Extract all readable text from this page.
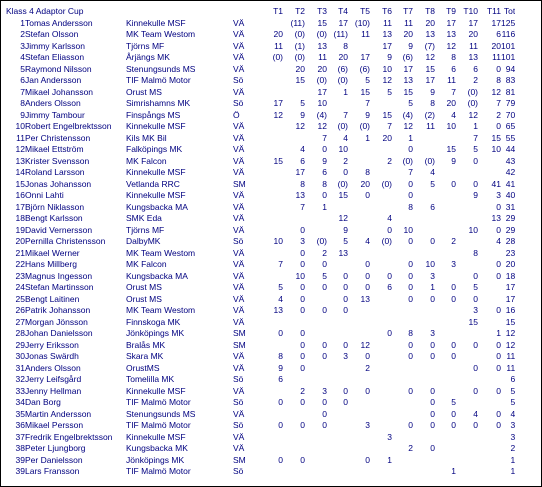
Klass 4 Adaptor Cup				T1	T2	T3	T4	T5	T6	T7	T8	T9	T10	T11	Tot
1	Tomas Andersson	Kinnekulle MSF	VÄ		(11)	15	17	(10)	11	11	20	17	17	17	125
2	Stefan Olsson	MK Team Westom	VÄ	20	(0)	(0)	(11)	11	13	20	13	13	20	6	116
3	Jimmy Karlsson	Tjörns MF	VÄ	11	(1)	13	8		17	9	(7)	12	11	20	101
4	Stefan Eliasson	Årjängs MK	VÄ	(0)	(0)	11	20	17	9	(6)	12	8	13	11	101
5	Raymond Nilsson	Stenungsunds MS	VÄ		20	20	(6)	(6)	10	17	15	6	6	0	94
6	Jan Andersson	TIF Malmö Motor	Sö		15	(0)	(0)	5	12	13	17	11	2	8	83
7	Mikael Johansson	Orust MS	VÄ			17	1	15	5	15	9	7	(0)	12	81
8	Anders Olsson	Simrishamns MK	Sö	17	5	10		7		5	8	20	(0)	7	79
9	Jimmy Tambour	Finspångs MS	Ö	12	9	(4)	7	9	15	(4)	(2)	4	12	2	70
10	Robert Engelbrektsson	Kinnekulle MSF	VÄ		12	12	(0)	(0)	7	12	11	10	1	0	65
11	Per Christensson	Kils MK Bil	VÄ			7	4	1	20	1			7	15	55
12	Mikael Ettström	Falköpings MK	VÄ		4	0	10			0		15	5	10	44
13	Krister Svensson	MK Falcon	VÄ	15	6	9	2		2	(0)	(0)	9	0		43
14	Roland Larsson	Kinnekulle MSF	VÄ		17	6	0	8		7	4				42
15	Jonas Johansson	Vetlanda RRC	SM		8	8	(0)	20	(0)	0	5	0	0	41	41
16	Onni Lahti	Kinnekulle MSF	VÄ		13	0	15	0		0			9	3	40
17	Björn Niklasson	Kungsbacka MA	VÄ		7	1				8	6			0	31
18	Bengt Karlsson	SMK Eda	VÄ				12		4					13	29
19	David Vernersson	Tjörns MF	VÄ		0		9		0	10			10	0	29
20	Pernilla Christensson	DalbyMK	Sö	10	3	(0)	5	4	(0)	0	0	2		4	28
21	Mikael Werner	MK Team Westom	VÄ		0	2	13						8		23
22	Hans Millberg	MK Falcon	VÄ	7	0	0		0		0	10	3		0	20
23	Magnus Ingesson	Kungsbacka MA	VÄ		10	5	0	0	0	0	3		0	0	18
24	Stefan Martinsson	Orust MS	VÄ	5	0	0	0	0	6	0	1	0	5		17
25	Bengt Laitinen	Orust MS	VÄ	4	0		0	13		0	0	0	0		17
26	Patrik Johansson	MK Team Westom	VÄ	13	0	0	0						3	0	16
27	Morgan Jönsson	Finnskoga MK	VÄ										15		15
28	Johan Danielsson	Jönköpings MK	SM	0	0				0	8	3			1	12
29	Jerry Eriksson	Bralås MK	SM		0	0	0	12		0	0	0	0	0	12
30	Jonas Swärdh	Skara MK	VÄ	8	0	0	3	0		0	0	0		0	11
31	Anders Olsson	OrustMS	VÄ	9	0			2					0	0	11
32	Jerry Leifsgård	Tomelilla MK	Sö	6											6
33	Jenny Hellman	Kinnekulle MSF	VÄ		2	3	0	0		0	0		0	0	5
34	Dan Borg	TIF Malmö Motor	Sö	0	0	0	0				0	5			5
35	Martin Andersson	Stenungsunds MS	VÄ			0					0	0	4	0	4
36	Mikael Persson	TIF Malmö Motor	Sö	0	0	0		3		0	0	0	0	0	3
37	Fredrik Engelbrektsson	Kinnekulle MSF	VÄ						3						3
38	Peter Ljungborg	Kungsbacka MK	VÄ							2	0				2
39	Per Danielsson	Jönköpings MK	SM	0	0			0	1						1
39	Lars Fransson	TIF Malmö Motor	Sö									1			1
